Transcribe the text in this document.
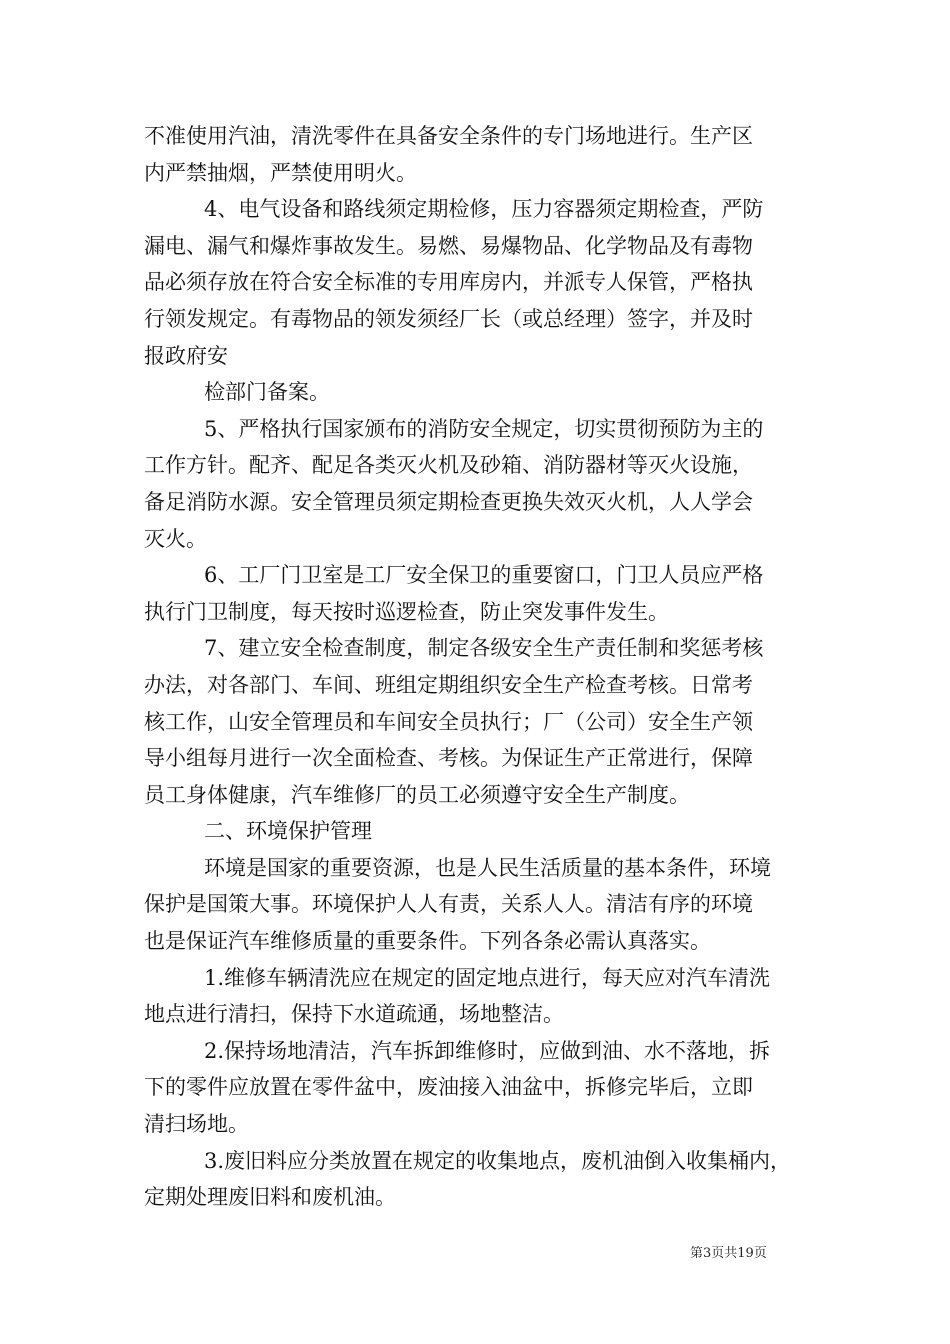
不准使用汽油，清洗零件在具备安全条件的专门场地进行。生产区
内严禁抽烟，严禁使用明火。
4、电气设备和路线须定期检修，压力容器须定期检查，严防
漏电、漏气和爆炸事故发生。易燃、易爆物品、化学物品及有毒物
品必须存放在符合安全标准的专用库房内，并派专人保管，严格执
行领发规定。有毒物品的领发须经厂长（或总经理）签字，并及时
报政府安
检部门备案。
5、严格执行国家颁布的消防安全规定，切实贯彻预防为主的
工作方针。配齐、配足各类灭火机及砂箱、消防器材等灭火设施，
备足消防水源。安全管理员须定期检查更换失效灭火机，人人学会
灭火。
6、工厂门卫室是工厂安全保卫的重要窗口，门卫人员应严格
执行门卫制度，每天按时巡逻检查，防止突发事件发生。
7、建立安全检查制度，制定各级安全生产责任制和奖惩考核
办法，对各部门、车间、班组定期组织安全生产检查考核。日常考
核工作，山安全管理员和车间安全员执行；厂（公司）安全生产领
导小组每月进行一次全面检查、考核。为保证生产正常进行，保障
员工身体健康，汽车维修厂的员工必须遵守安全生产制度。
二、环境保护管理
环境是国家的重要资源，也是人民生活质量的基本条件，环境
保护是国策大事。环境保护人人有责，关系人人。清洁有序的环境
也是保证汽车维修质量的重要条件。下列各条必需认真落实。
1.维修车辆清洗应在规定的固定地点进行，每天应对汽车清洗
地点进行清扫，保持下水道疏通，场地整洁。
2.保持场地清洁，汽车拆卸维修时，应做到油、水不落地，拆
下的零件应放置在零件盆中，废油接入油盆中，拆修完毕后，立即
清扫场地。
3.废旧料应分类放置在规定的收集地点，废机油倒入收集桶内，
定期处理废旧料和废机油。
第3页共19页
